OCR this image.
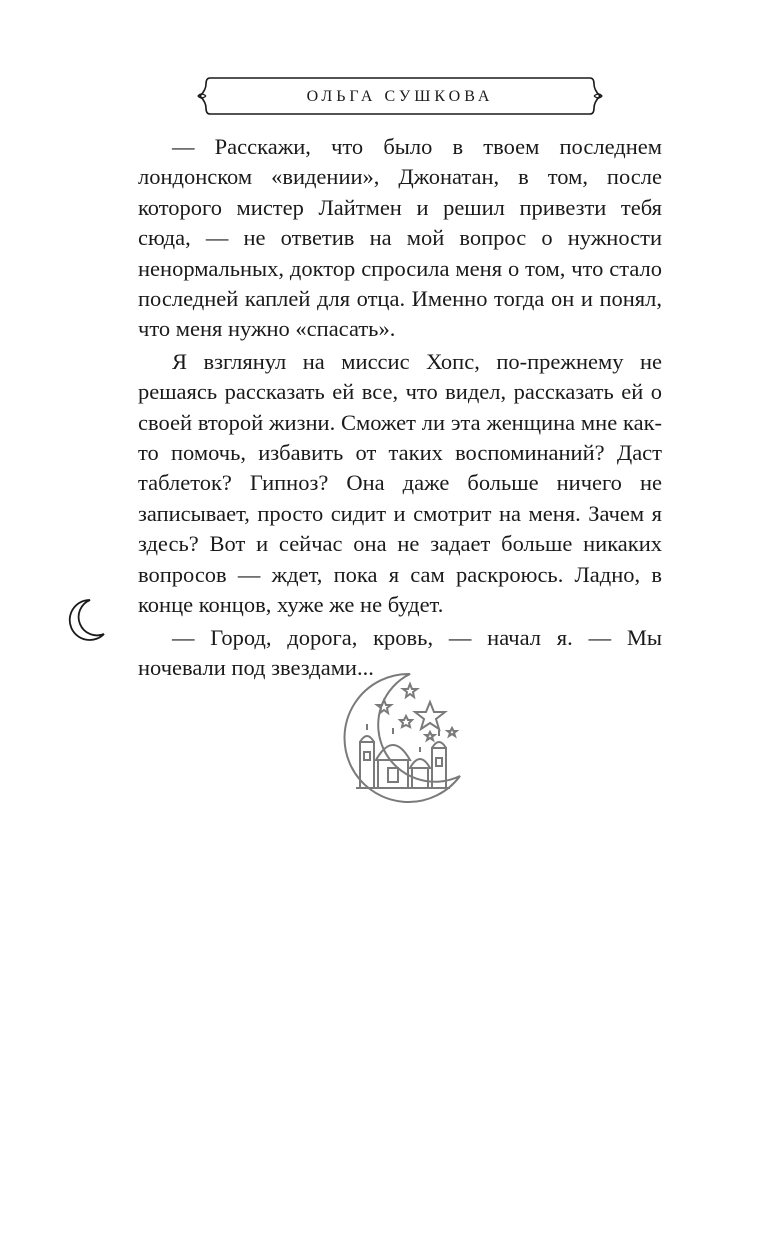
ОЛЬГА СУШКОВА

— Расскажи, что было в твоем последнем лондонском «видении», Джонатан, в том, после которого мистер Лайтмен и решил привезти тебя сюда, — не ответив на мой вопрос о нужности ненормальных, доктор спросила меня о том, что стало последней каплей для отца. Именно тогда он и понял, что меня нужно «спасать».

Я взглянул на миссис Хопс, по-прежнему не решаясь рассказать ей все, что видел, рассказать ей о своей второй жизни. Сможет ли эта женщина мне как-то помочь, избавить от таких воспоминаний? Даст таблеток? Гипноз? Она даже больше ничего не записывает, просто сидит и смотрит на меня. Зачем я здесь? Вот и сейчас она не задает больше никаких вопросов — ждет, пока я сам раскроюсь. Ладно, в конце концов, хуже же не будет.

— Город, дорога, кровь, — начал я. — Мы ночевали под звездами...
